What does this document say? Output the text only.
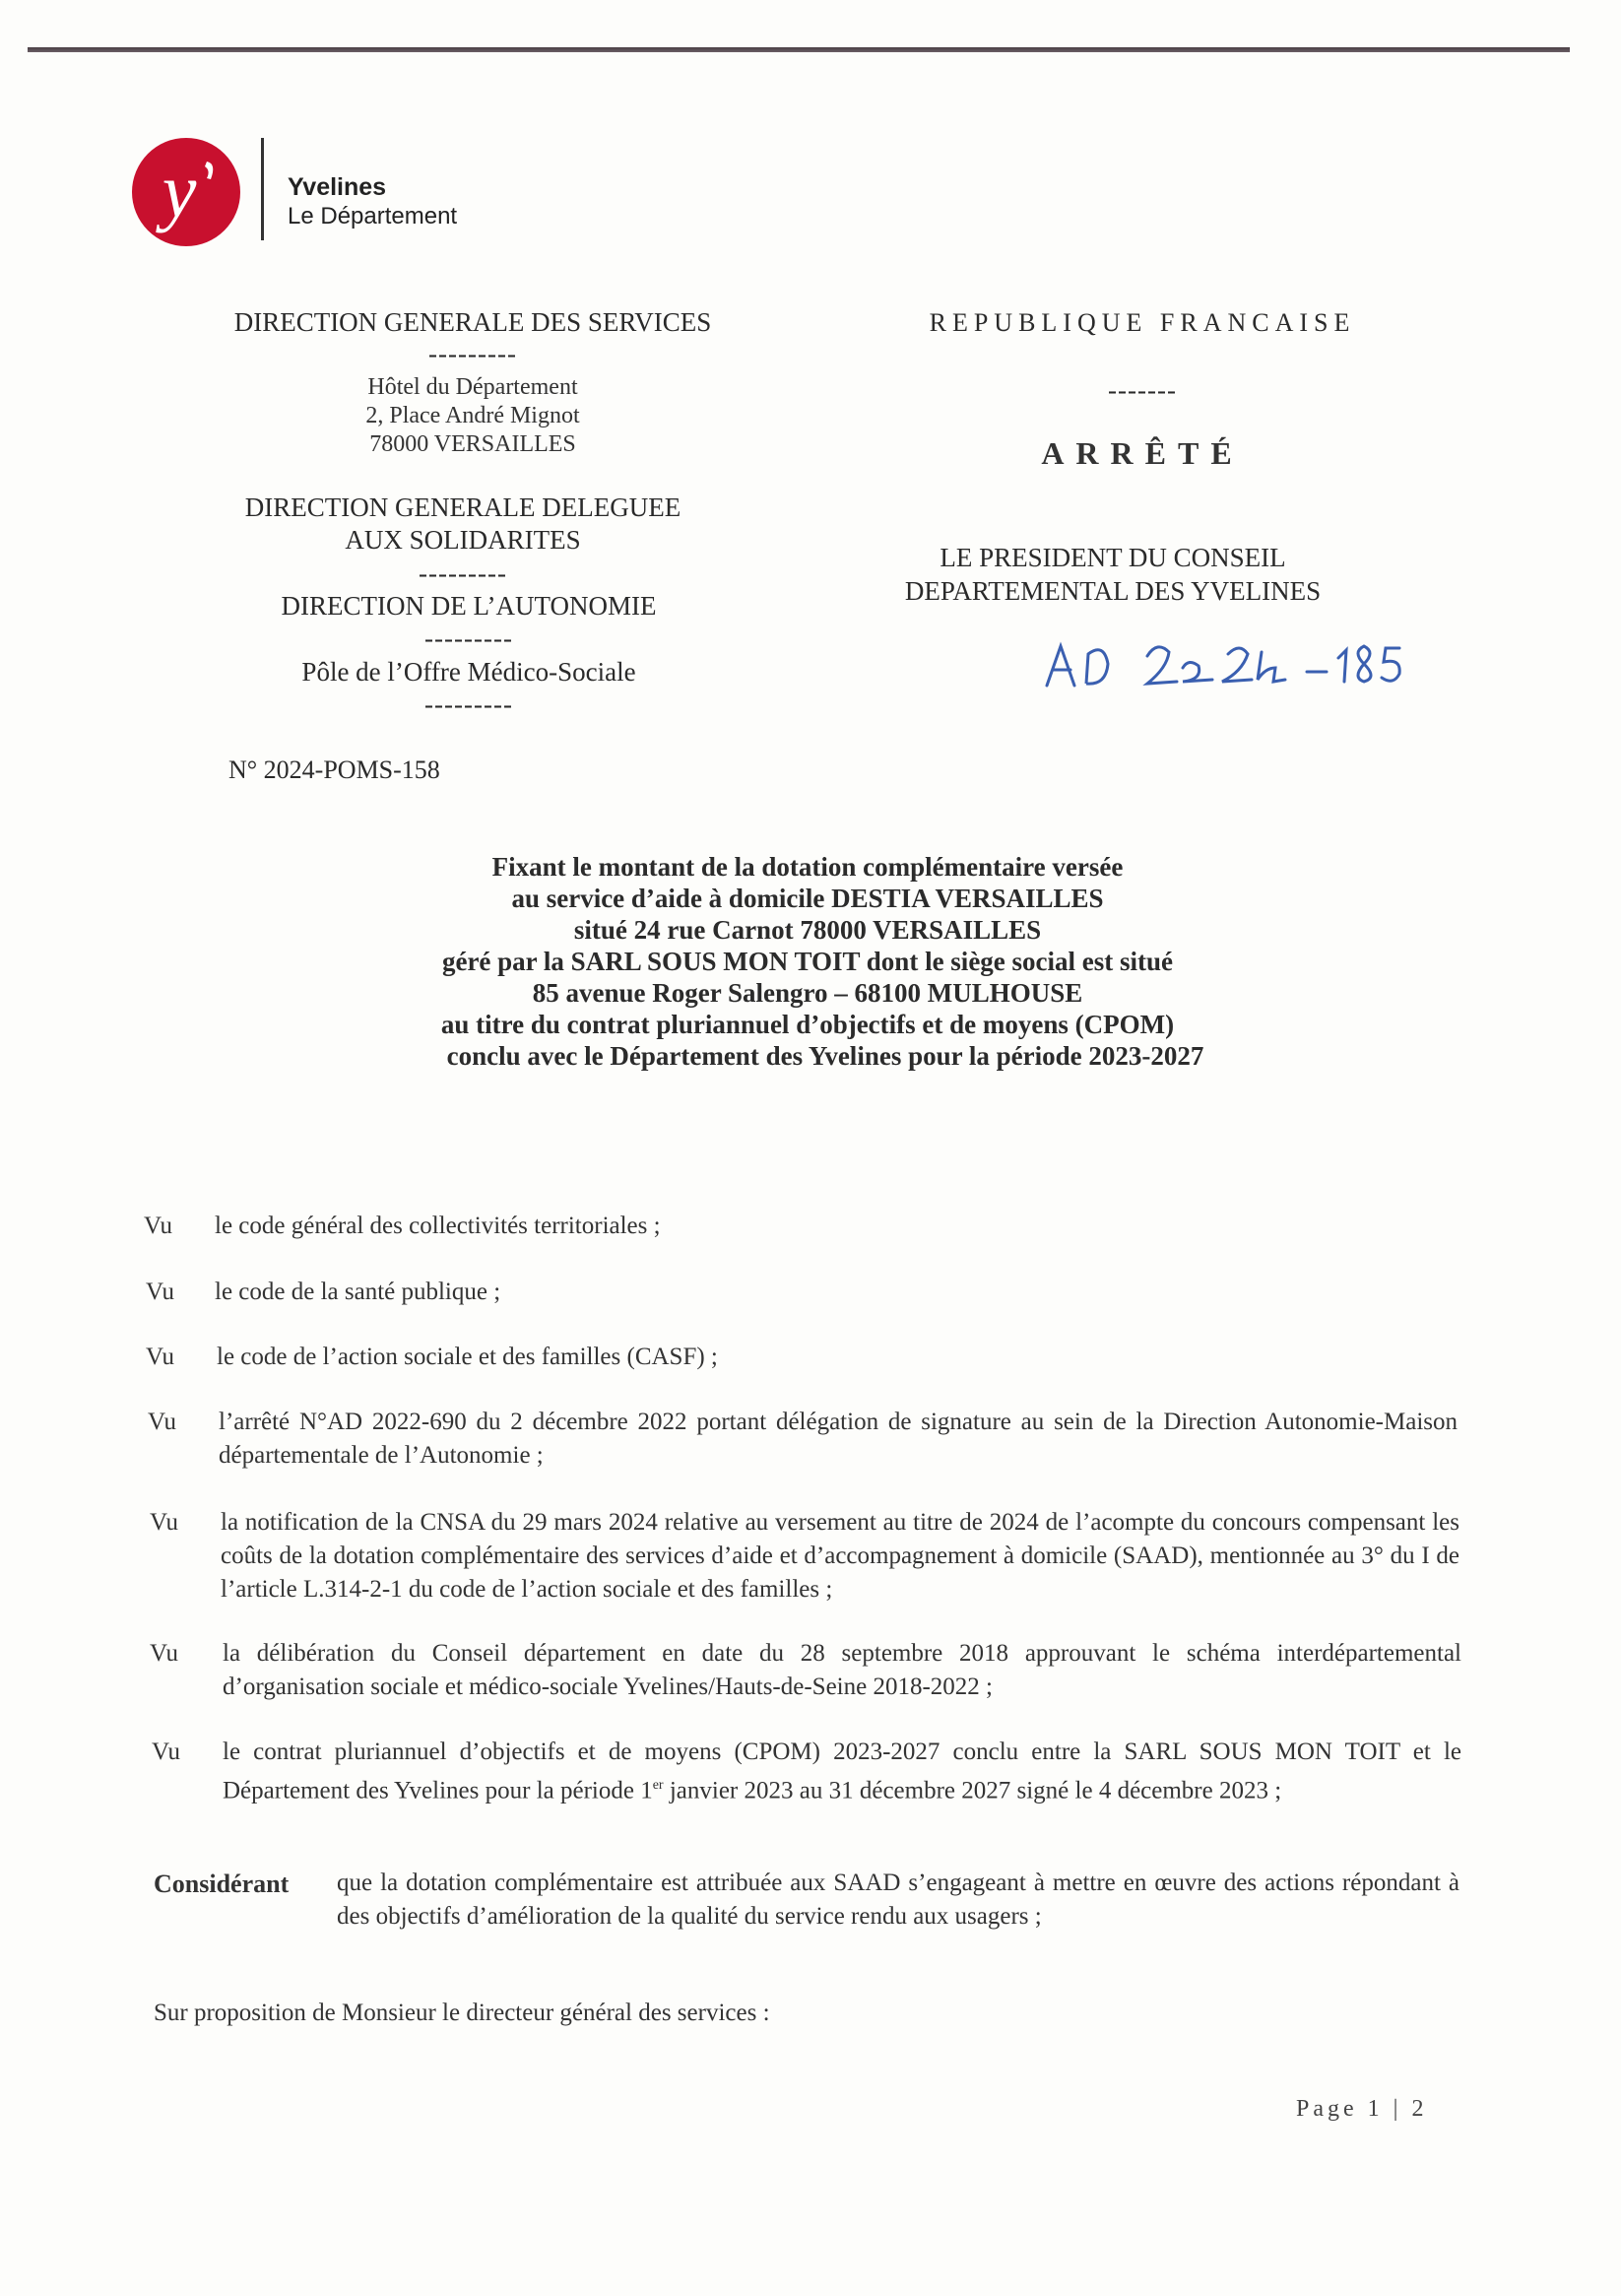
y	Yvelines
Le Département
DIRECTION GENERALE DES SERVICES
---------
Hôtel du Département
2, Place André Mignot
78000 VERSAILLES
DIRECTION GENERALE DELEGUEE
AUX SOLIDARITES
---------
DIRECTION DE L’AUTONOMIE
---------
Pôle de l’Offre Médico-Sociale
---------
N° 2024-POMS-158
REPUBLIQUE FRANCAISE
-------
ARRÊTÉ
LE PRESIDENT DU CONSEIL
DEPARTEMENTAL DES YVELINES
Fixant le montant de la dotation complémentaire versée
au service d’aide à domicile DESTIA VERSAILLES
situé 24 rue Carnot 78000 VERSAILLES
géré par la SARL SOUS MON TOIT dont le siège social est situé
85 avenue Roger Salengro – 68100 MULHOUSE
au titre du contrat pluriannuel d’objectifs et de moyens (CPOM)
conclu avec le Département des Yvelines pour la période 2023-2027
Vu le code général des collectivités territoriales ;
Vu le code de la santé publique ;
Vu le code de l’action sociale et des familles (CASF) ;
Vu l’arrêté N°AD 2022-690 du 2 décembre 2022 portant délégation de signature au sein de la Direction Autonomie-Maison départementale de l’Autonomie ;
Vu la notification de la CNSA du 29 mars 2024 relative au versement au titre de 2024 de l’acompte du concours compensant les coûts de la dotation complémentaire des services d’aide et d’accompagnement à domicile (SAAD), mentionnée au 3° du I de l’article L.314-2-1 du code de l’action sociale et des familles ;
Vu la délibération du Conseil département en date du 28 septembre 2018 approuvant le schéma interdépartemental d’organisation sociale et médico-sociale Yvelines/Hauts-de-Seine 2018-2022 ;
Vu le contrat pluriannuel d’objectifs et de moyens (CPOM) 2023-2027 conclu entre la SARL SOUS MON TOIT et le Département des Yvelines pour la période 1er janvier 2023 au 31 décembre 2027 signé le 4 décembre 2023 ;
Considérant que la dotation complémentaire est attribuée aux SAAD s’engageant à mettre en œuvre des actions répondant à des objectifs d’amélioration de la qualité du service rendu aux usagers ;
Sur proposition de Monsieur le directeur général des services :
Page 1 | 2
